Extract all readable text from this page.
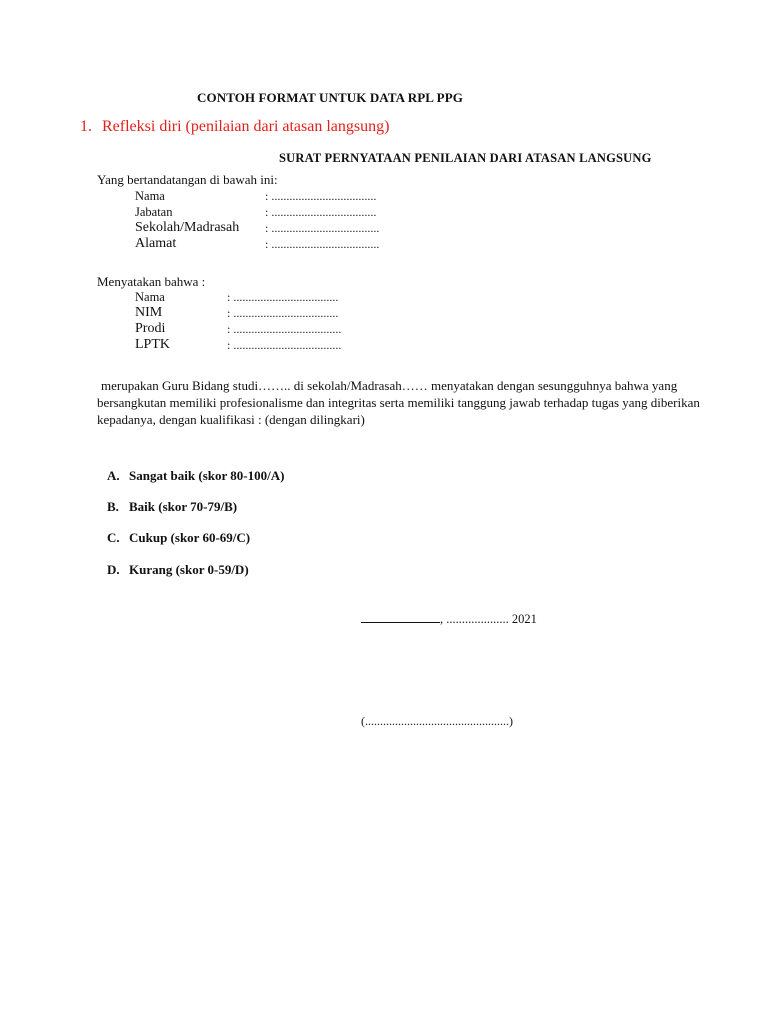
CONTOH FORMAT UNTUK DATA RPL PPG
1. Refleksi diri (penilaian dari atasan langsung)
SURAT PERNYATAAN PENILAIAN DARI ATASAN LANGSUNG
Yang bertandatangan di bawah ini:
Nama	: ...................................
Jabatan	: ...................................
Sekolah/Madrasah : ....................................
Alamat	: ....................................
Menyatakan bahwa :
Nama	: ...................................
NIM	: ...................................
Prodi	: ....................................
LPTK	: ....................................
merupakan Guru Bidang studi…….. di sekolah/Madrasah…… menyatakan dengan sesungguhnya bahwa yang
bersangkutan memiliki profesionalisme dan integritas serta memiliki tanggung jawab terhadap tugas yang diberikan
kepadanya, dengan kualifikasi : (dengan dilingkari)
A. Sangat baik (skor 80-100/A)
B. Baik (skor 70-79/B)
C. Cukup (skor 60-69/C)
D. Kurang (skor 0-59/D)
, .................... 2021
(................................................)
